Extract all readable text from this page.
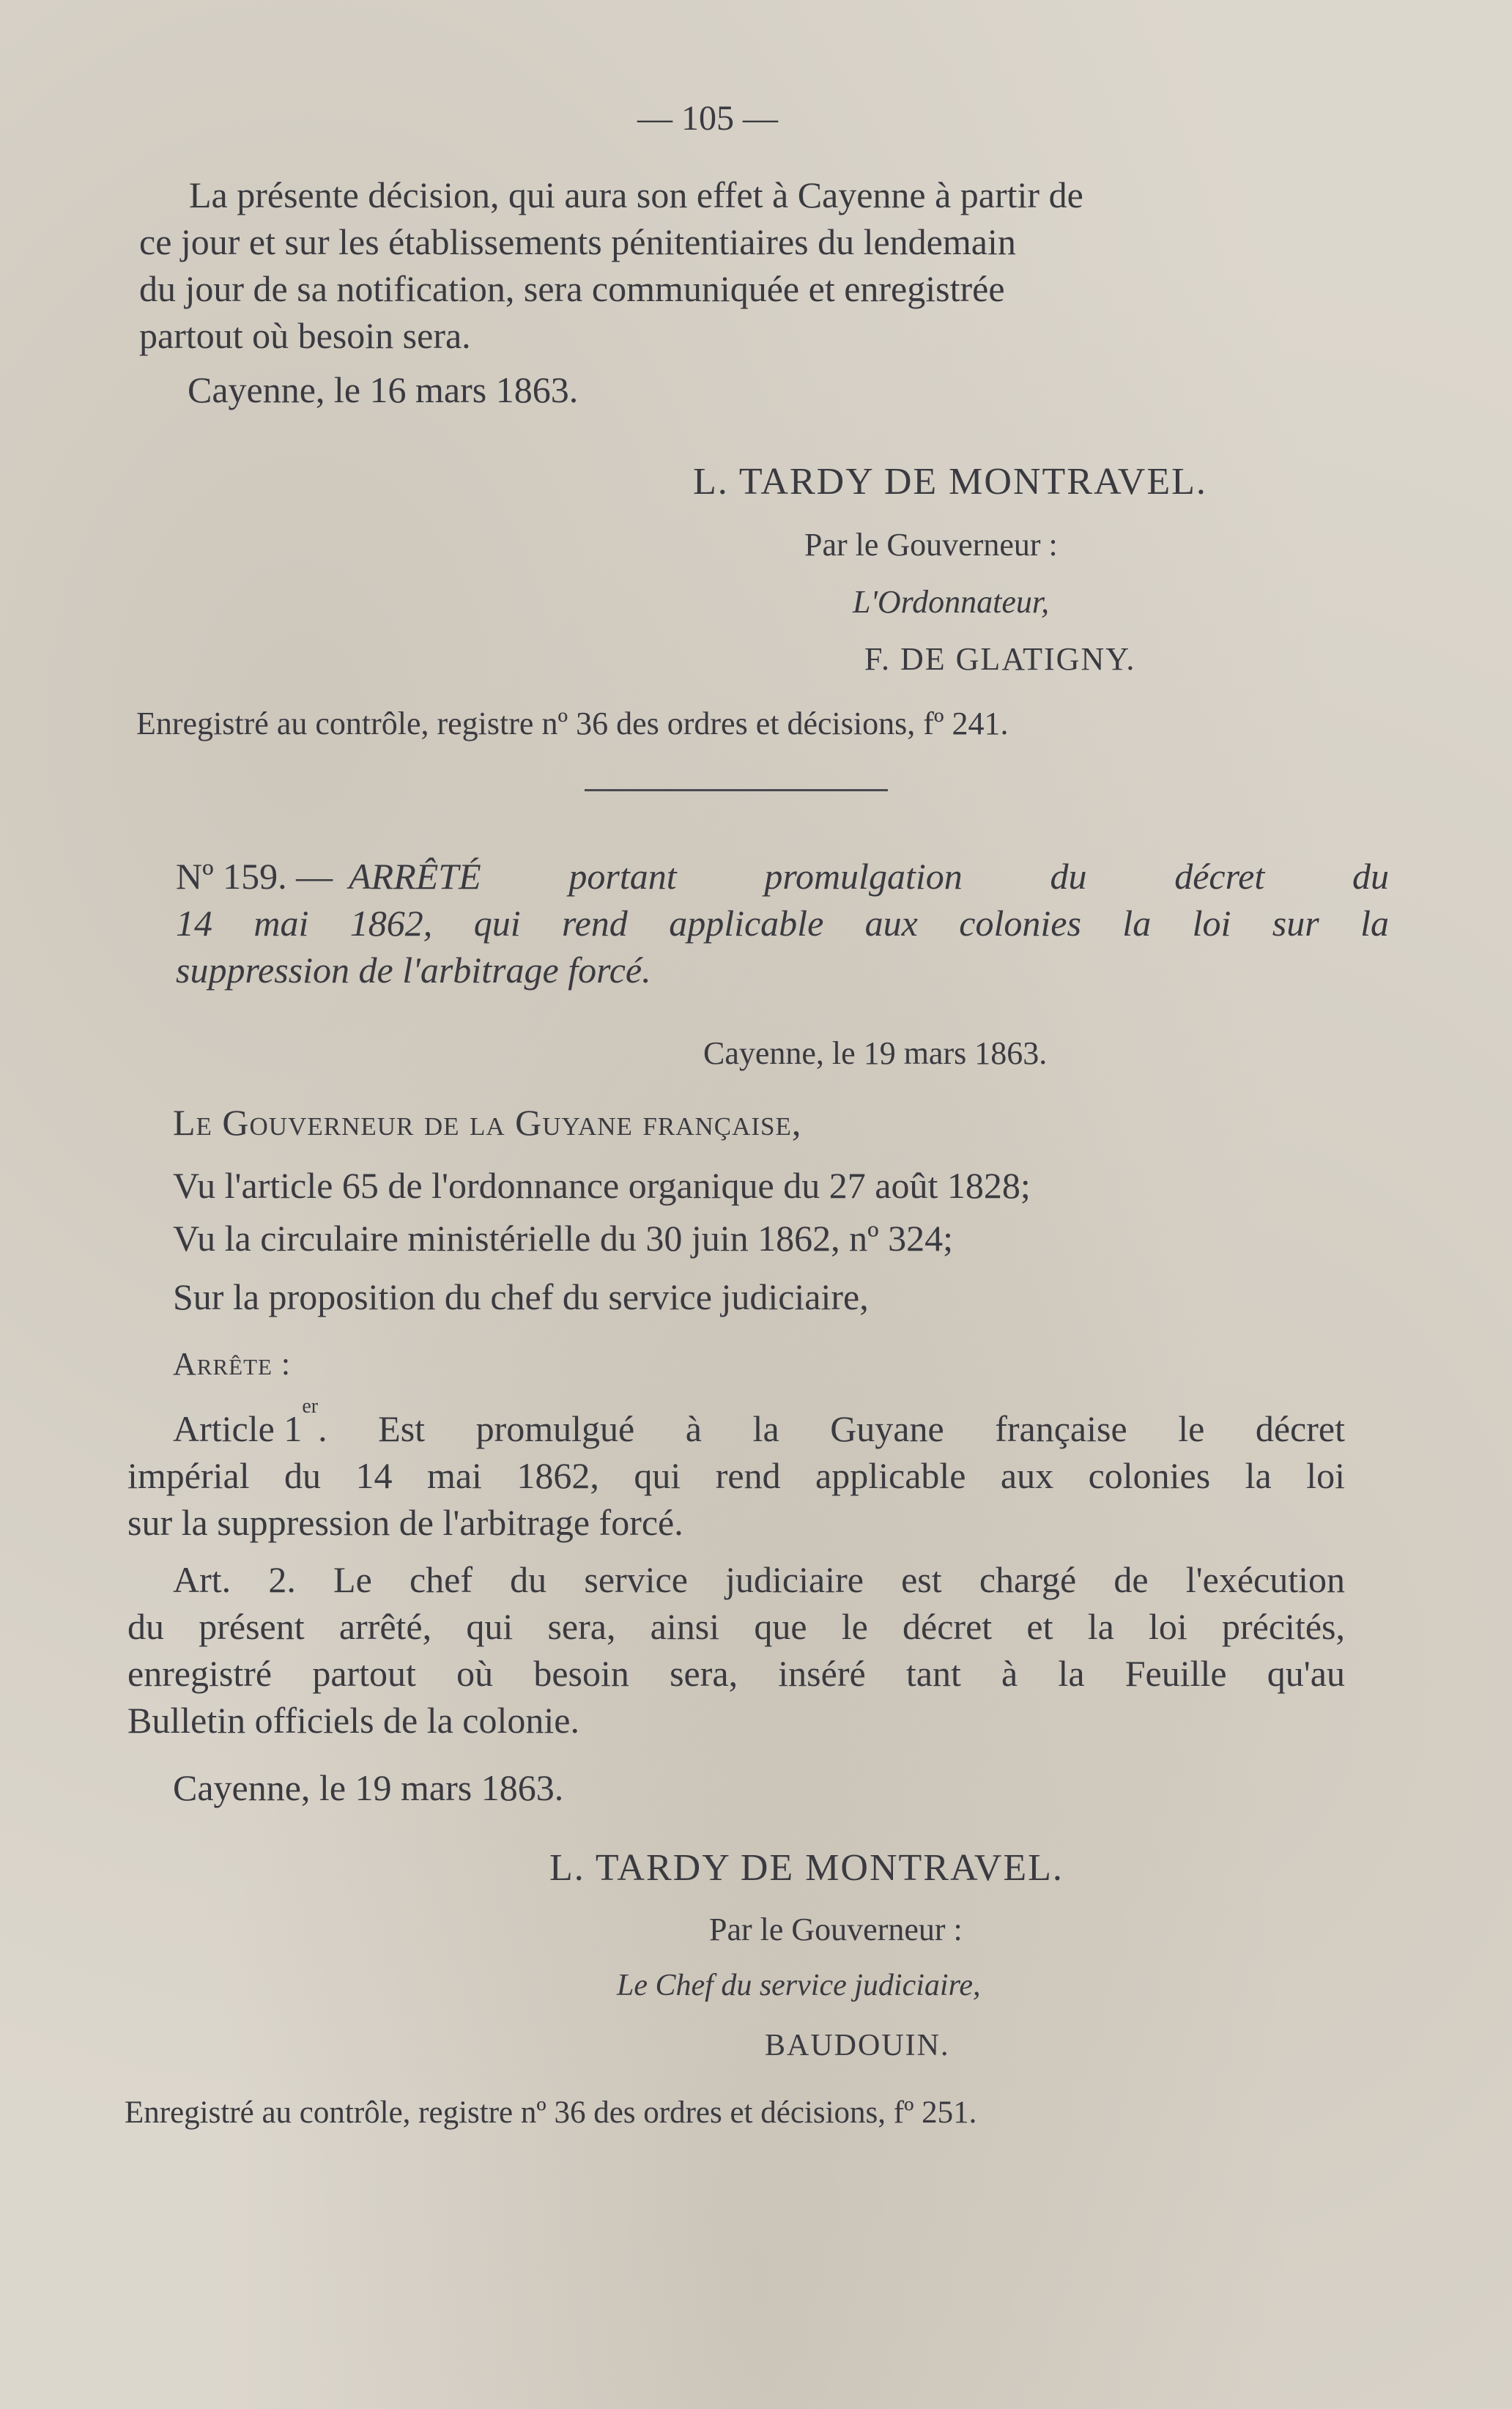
— 105 —
La présente décision, qui aura son effet à Cayenne à partir de
ce jour et sur les établissements pénitentiaires du lendemain
du jour de sa notification, sera communiquée et enregistrée
partout où besoin sera.
Cayenne, le 16 mars 1863.
L. TARDY DE MONTRAVEL.
Par le Gouverneur :
L'Ordonnateur,
F. DE GLATIGNY.
Enregistré au contrôle, registre nº 36 des ordres et décisions, fº 241.
Nº 159. — ARRÊTÉ portant promulgation du décret du
14 mai 1862, qui rend applicable aux colonies la loi sur la
suppression de l'arbitrage forcé.
Cayenne, le 19 mars 1863.
Le Gouverneur de la Guyane française,
Vu l'article 65 de l'ordonnance organique du 27 août 1828;
Vu la circulaire ministérielle du 30 juin 1862, nº 324;
Sur la proposition du chef du service judiciaire,
Arrête :
Article 1
er
. Est promulgué à la Guyane française le décret
impérial du 14 mai 1862, qui rend applicable aux colonies la loi
sur la suppression de l'arbitrage forcé.
Art. 2. Le chef du service judiciaire est chargé de l'exécution
du présent arrêté, qui sera, ainsi que le décret et la loi précités,
enregistré partout où besoin sera, inséré tant à la Feuille qu'au
Bulletin officiels de la colonie.
Cayenne, le 19 mars 1863.
L. TARDY DE MONTRAVEL.
Par le Gouverneur :
Le Chef du service judiciaire,
BAUDOUIN.
Enregistré au contrôle, registre nº 36 des ordres et décisions, fº 251.
